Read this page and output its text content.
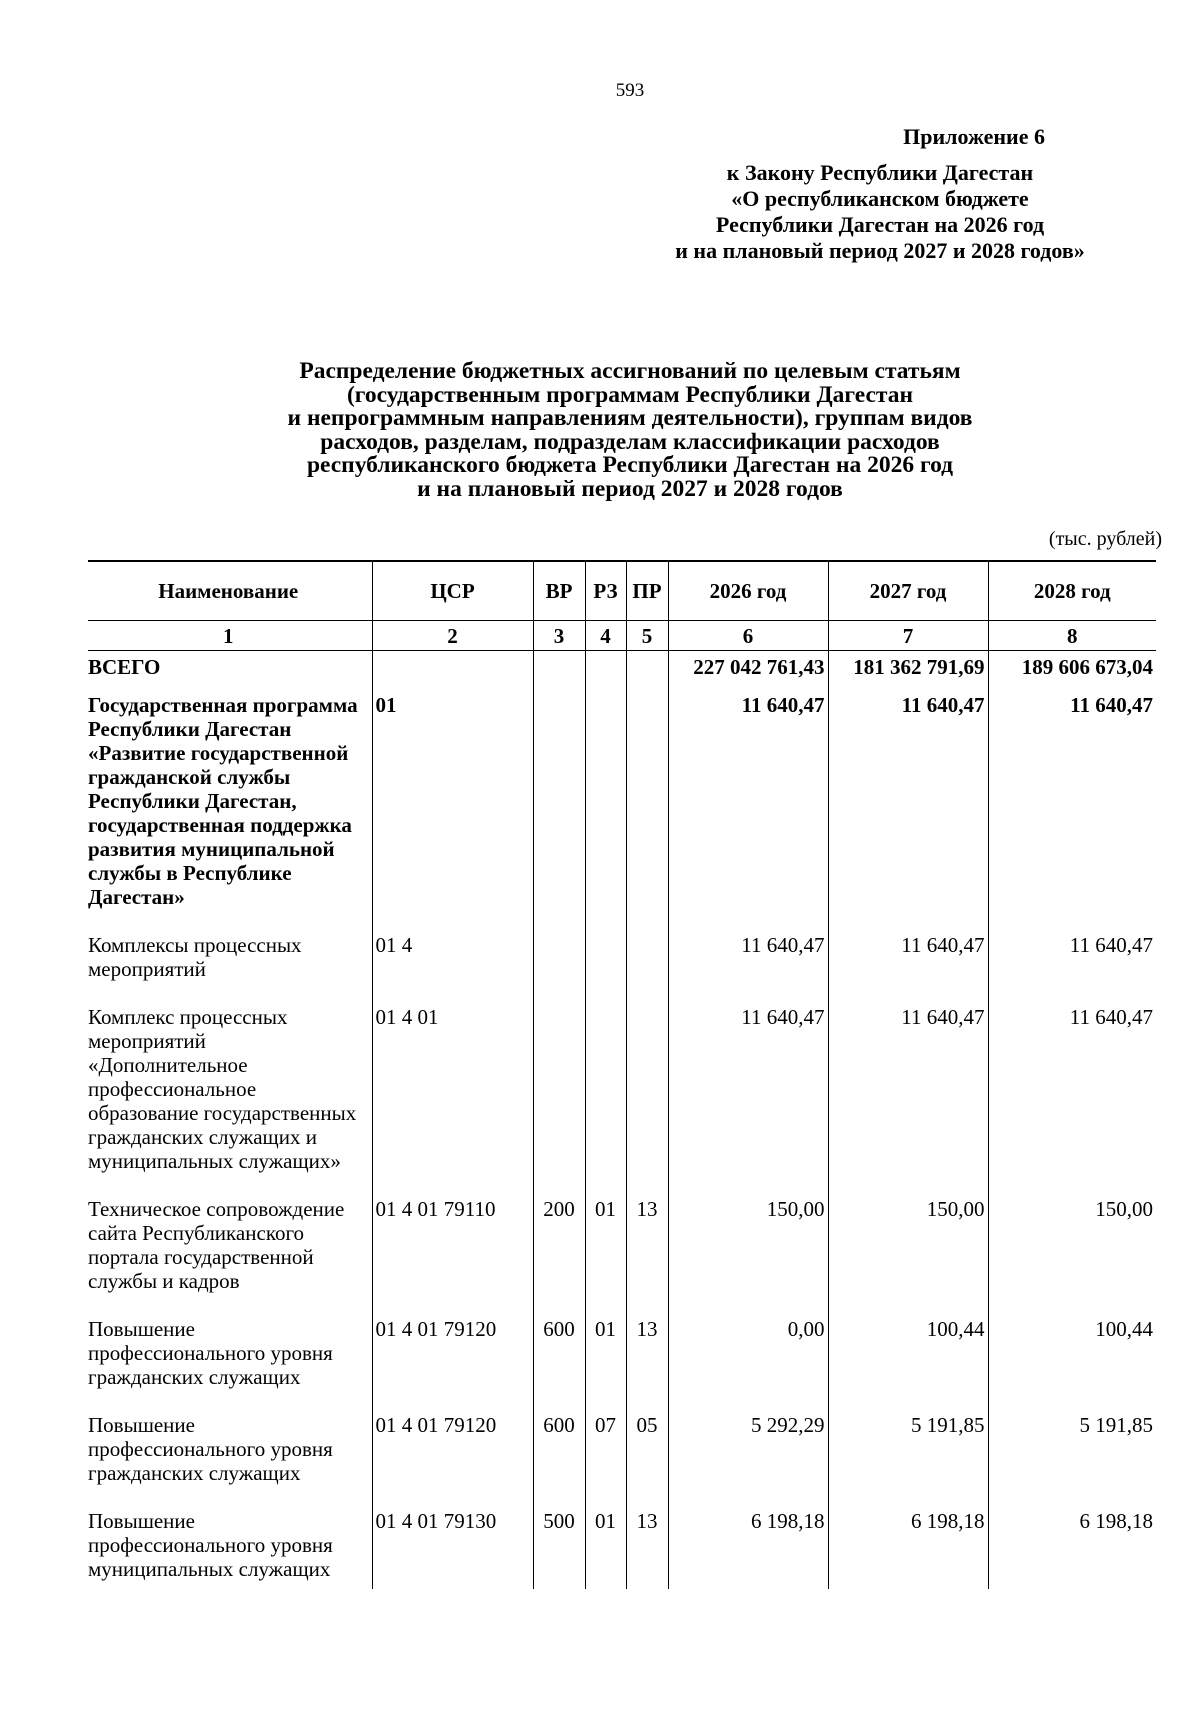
593
Приложение 6
к Закону Республики Дагестан
«О республиканском бюджете
Республики Дагестан на 2026 год
и на плановый период 2027 и 2028 годов»
Распределение бюджетных ассигнований по целевым статьям
(государственным программам Республики Дагестан
и непрограммным направлениям деятельности), группам видов
расходов, разделам, подразделам классификации расходов
республиканского бюджета Республики Дагестан на 2026 год
и на плановый период 2027 и 2028 годов
(тыс. рублей)
Наименование	ЦСР	ВР	РЗ	ПР	2026 год	2027 год	2028 год
1	2	3	4	5	6	7	8
ВСЕГО					227 042 761,43	181 362 791,69	189 606 673,04
Государственная программа Республики Дагестан «Развитие государственной гражданской службы Республики Дагестан, государственная поддержка развития муниципальной службы в Республике Дагестан»	01				11 640,47	11 640,47	11 640,47
Комплексы процессных мероприятий	01 4				11 640,47	11 640,47	11 640,47
Комплекс процессных мероприятий «Дополнительное профессиональное образование государственных гражданских служащих и муниципальных служащих»	01 4 01				11 640,47	11 640,47	11 640,47
Техническое сопровождение сайта Республиканского портала государственной службы и кадров	01 4 01 79110	200	01	13	150,00	150,00	150,00
Повышение профессионального уровня гражданских служащих	01 4 01 79120	600	01	13	0,00	100,44	100,44
Повышение профессионального уровня гражданских служащих	01 4 01 79120	600	07	05	5 292,29	5 191,85	5 191,85
Повышение профессионального уровня муниципальных служащих	01 4 01 79130	500	01	13	6 198,18	6 198,18	6 198,18
